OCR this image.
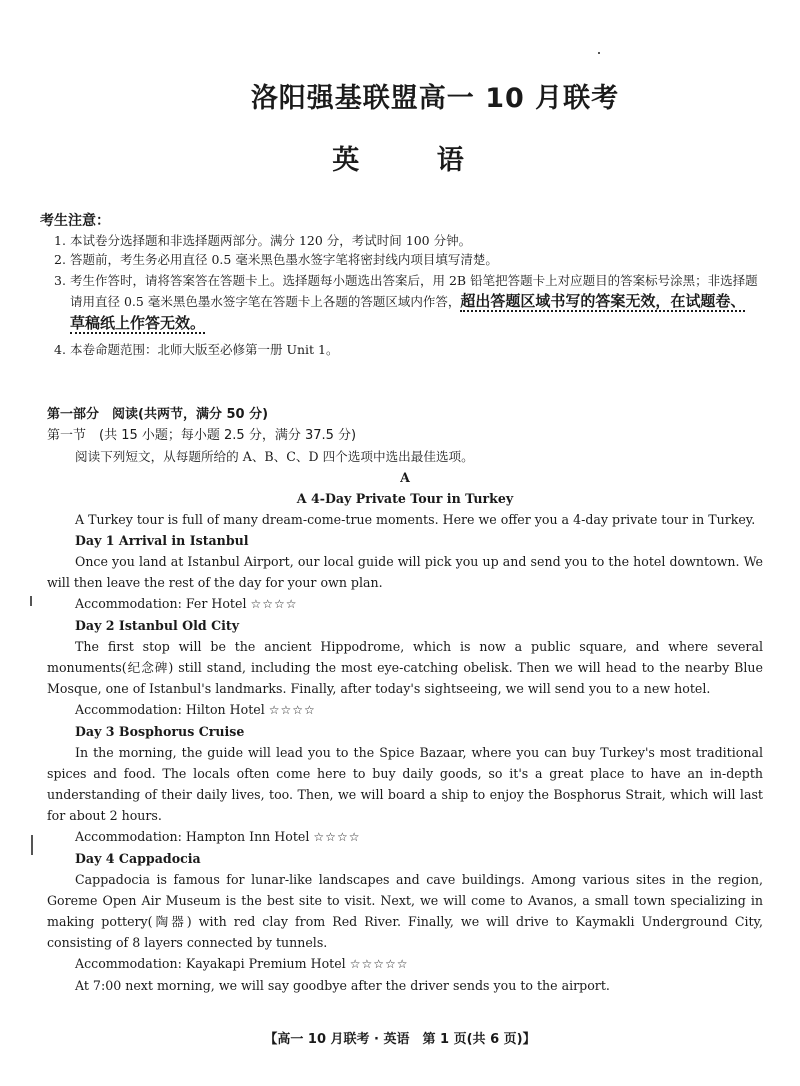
洛阳强基联盟高一 10 月联考
英 语

考生注意：

1. 本试卷分选择题和非选择题两部分。满分 120 分，考试时间 100 分钟。
2. 答题前，考生务必用直径 0.5 毫米黑色墨水签字笔将密封线内项目填写清楚。
3. 考生作答时，请将答案答在答题卡上。选择题每小题选出答案后，用 2B 铅笔把答题卡上对应题目的答案标号涂黑；非选择题请用直径 0.5 毫米黑色墨水签字笔在答题卡上各题的答题区域内作答，超出答题区域书写的答案无效，在试题卷、草稿纸上作答无效。
4. 本卷命题范围：北师大版至必修第一册 Unit 1。

第一部分　阅读(共两节，满分 50 分)

第一节　(共 15 小题；每小题 2.5 分，满分 37.5 分)

阅读下列短文，从每题所给的 A、B、C、D 四个选项中选出最佳选项。

A

A 4-Day Private Tour in Turkey

A Turkey tour is full of many dream-come-true moments. Here we offer you a 4-day private tour in Turkey.

Day 1 Arrival in Istanbul

Once you land at Istanbul Airport, our local guide will pick you up and send you to the hotel downtown. We will then leave the rest of the day for your own plan.

Accommodation: Fer Hotel ☆☆☆☆

Day 2 Istanbul Old City

The first stop will be the ancient Hippodrome, which is now a public square, and where several monuments(纪念碑) still stand, including the most eye-catching obelisk. Then we will head to the nearby Blue Mosque, one of Istanbul's landmarks. Finally, after today's sightseeing, we will send you to a new hotel.

Accommodation: Hilton Hotel ☆☆☆☆

Day 3 Bosphorus Cruise

In the morning, the guide will lead you to the Spice Bazaar, where you can buy Turkey's most traditional spices and food. The locals often come here to buy daily goods, so it's a great place to have an in-depth understanding of their daily lives, too. Then, we will board a ship to enjoy the Bosphorus Strait, which will last for about 2 hours.

Accommodation: Hampton Inn Hotel ☆☆☆☆

Day 4 Cappadocia

Cappadocia is famous for lunar-like landscapes and cave buildings. Among various sites in the region, Goreme Open Air Museum is the best site to visit. Next, we will come to Avanos, a small town specializing in making pottery(陶器) with red clay from Red River. Finally, we will drive to Kaymakli Underground City, consisting of 8 layers connected by tunnels.

Accommodation: Kayakapi Premium Hotel ☆☆☆☆☆

At 7:00 next morning, we will say goodbye after the driver sends you to the airport.

【高一 10 月联考 · 英语　第 1 页(共 6 页)】
